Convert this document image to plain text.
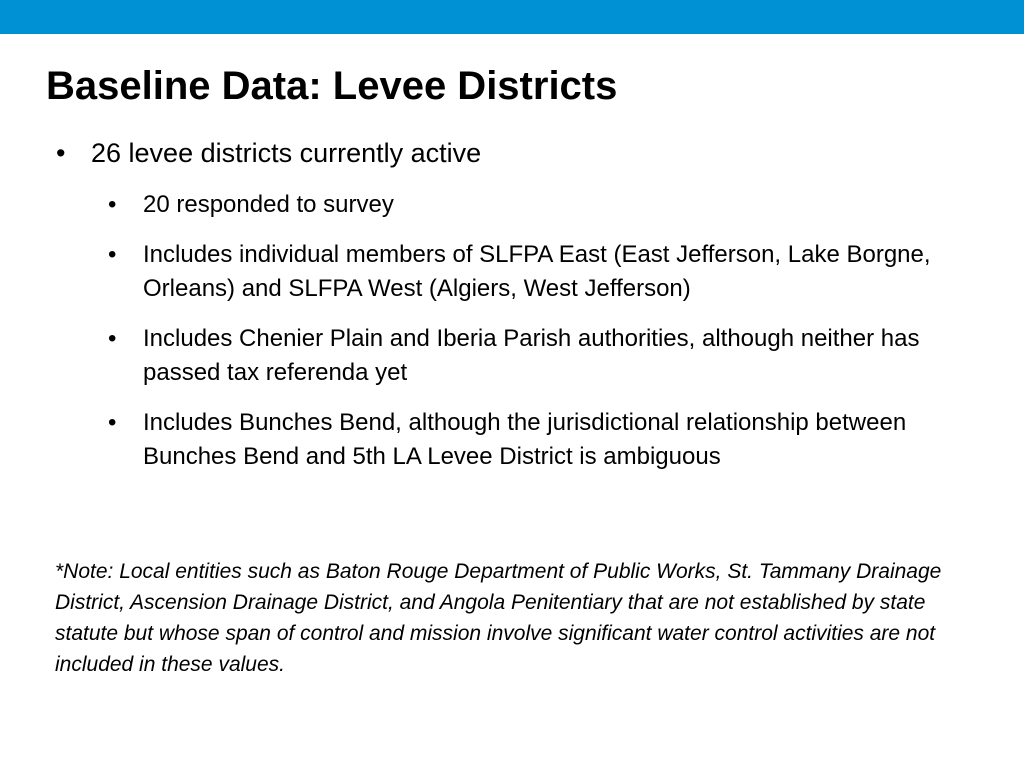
Baseline Data: Levee Districts
• 26 levee districts currently active
• 20 responded to survey
• Includes individual members of SLFPA East (East Jefferson, Lake Borgne, Orleans) and SLFPA West (Algiers, West Jefferson)
• Includes Chenier Plain and Iberia Parish authorities, although neither has passed tax referenda yet
• Includes Bunches Bend, although the jurisdictional relationship between Bunches Bend and 5th LA Levee District is ambiguous

*Note: Local entities such as Baton Rouge Department of Public Works, St. Tammany Drainage District, Ascension Drainage District, and Angola Penitentiary that are not established by state statute but whose span of control and mission involve significant water control activities are not included in these values.
